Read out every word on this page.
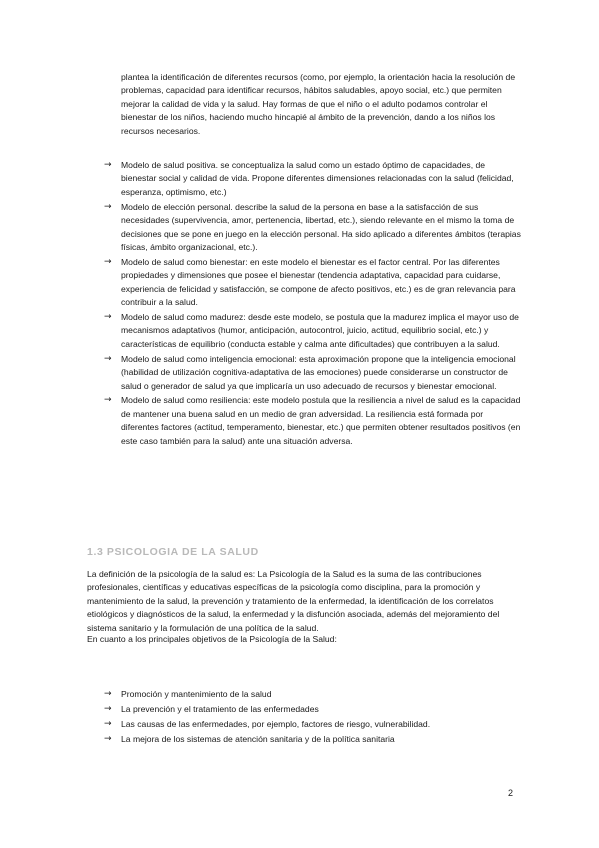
plantea la identificación de diferentes recursos (como, por ejemplo, la orientación hacia la resolución de problemas, capacidad para identificar recursos, hábitos saludables, apoyo social, etc.) que permiten mejorar la calidad de vida y la salud. Hay formas de que el niño o el adulto podamos controlar el bienestar de los niños, haciendo mucho hincapié al ámbito de la prevención, dando a los niños los recursos necesarios.

→ Modelo de salud positiva. se conceptualiza la salud como un estado óptimo de capacidades, de bienestar social y calidad de vida. Propone diferentes dimensiones relacionadas con la salud (felicidad, esperanza, optimismo, etc.)
→ Modelo de elección personal. describe la salud de la persona en base a la satisfacción de sus necesidades (supervivencia, amor, pertenencia, libertad, etc.), siendo relevante en el mismo la toma de decisiones que se pone en juego en la elección personal. Ha sido aplicado a diferentes ámbitos (terapias físicas, ámbito organizacional, etc.).
→ Modelo de salud como bienestar: en este modelo el bienestar es el factor central. Por las diferentes propiedades y dimensiones que posee el bienestar (tendencia adaptativa, capacidad para cuidarse, experiencia de felicidad y satisfacción, se compone de afecto positivos, etc.) es de gran relevancia para contribuir a la salud.
→ Modelo de salud como madurez: desde este modelo, se postula que la madurez implica el mayor uso de mecanismos adaptativos (humor, anticipación, autocontrol, juicio, actitud, equilibrio social, etc.) y características de equilibrio (conducta estable y calma ante dificultades) que contribuyen a la salud.
→ Modelo de salud como inteligencia emocional: esta aproximación propone que la inteligencia emocional (habilidad de utilización cognitiva-adaptativa de las emociones) puede considerarse un constructor de salud o generador de salud ya que implicaría un uso adecuado de recursos y bienestar emocional.
→ Modelo de salud como resiliencia: este modelo postula que la resiliencia a nivel de salud es la capacidad de mantener una buena salud en un medio de gran adversidad. La resiliencia está formada por diferentes factores (actitud, temperamento, bienestar, etc.) que permiten obtener resultados positivos (en este caso también para la salud) ante una situación adversa.
1.3 PSICOLOGIA DE LA SALUD

La definición de la psicología de la salud es: La Psicología de la Salud es la suma de las contribuciones profesionales, científicas y educativas específicas de la psicología como disciplina, para la promoción y mantenimiento de la salud, la prevención y tratamiento de la enfermedad, la identificación de los correlatos etiológicos y diagnósticos de la salud, la enfermedad y la disfunción asociada, además del mejoramiento del sistema sanitario y la formulación de una política de la salud.

En cuanto a los principales objetivos de la Psicología de la Salud:

→ Promoción y mantenimiento de la salud
→ La prevención y el tratamiento de las enfermedades
→ Las causas de las enfermedades, por ejemplo, factores de riesgo, vulnerabilidad.
→ La mejora de los sistemas de atención sanitaria y de la política sanitaria
2
